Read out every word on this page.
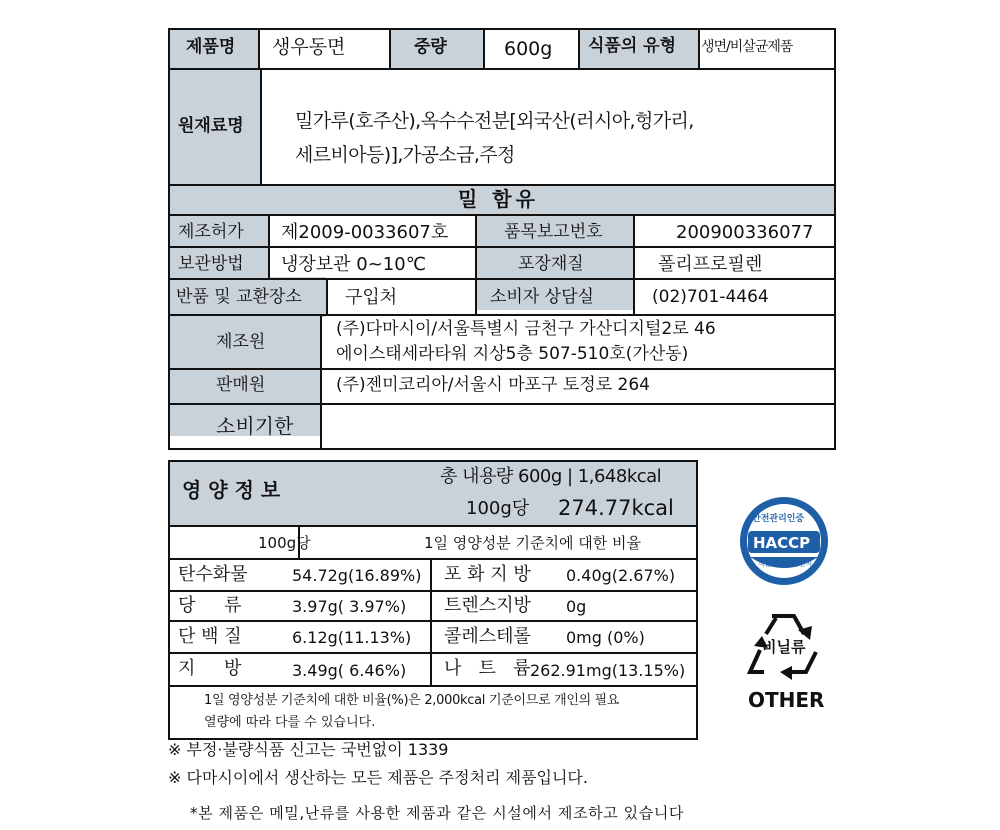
제품명 생우동면	중량	600g 식품의 유형 생면/비살균제품
원재료명	밀가루(호주산),옥수수전분[외국산(러시아,헝가리,
세르비아등)],가공소금,주정
밀 함유
제조허가 제2009-0033607호	품목보고번호	200900336077
보관방법 냉장보관 0~10℃	포장재질	폴리프로필렌
반품 및 교환장소 구입처	소비자 상담실	(02)701-4464
제조원
(주)다마시이/서울특별시 금천구 가산디지털2로 46
에이스태세라타워 지상5층 507-510호(가산동)
판매원	(주)젠미코리아/서울시 마포구 토정로 264
소비기한
영 양 정 보
총 내용량 600g | 1,648kcal
100g당 274.77kcal
100g당	1일 영양성분 기준치에 대한 비율
탄수화물	54.72g(16.89%) 포 화 지 방 0.40g(2.67%)
당     류	3.97g( 3.97%) 트렌스지방 0g
단 백 질	6.12g(11.13%) 콜레스테롤 0mg (0%)
지     방	3.49g( 6.46%) 나   트   륨 262.91mg(13.15%)
1일 영양성분 기준치에 대한 비율(%)은 2,000kcal 기준이므로 개인의 필요
열량에 따라 다를 수 있습니다.
※ 부정·불량식품 신고는 국번없이 1339
※ 다마시이에서 생산하는 모든 제품은 주정처리 제품입니다.
*본 제품은 메밀,난류를 사용한 제품과 같은 시설에서 제조하고 있습니다
안전관리인증
HACCP
식품의약품안전처
비닐류
OTHER
